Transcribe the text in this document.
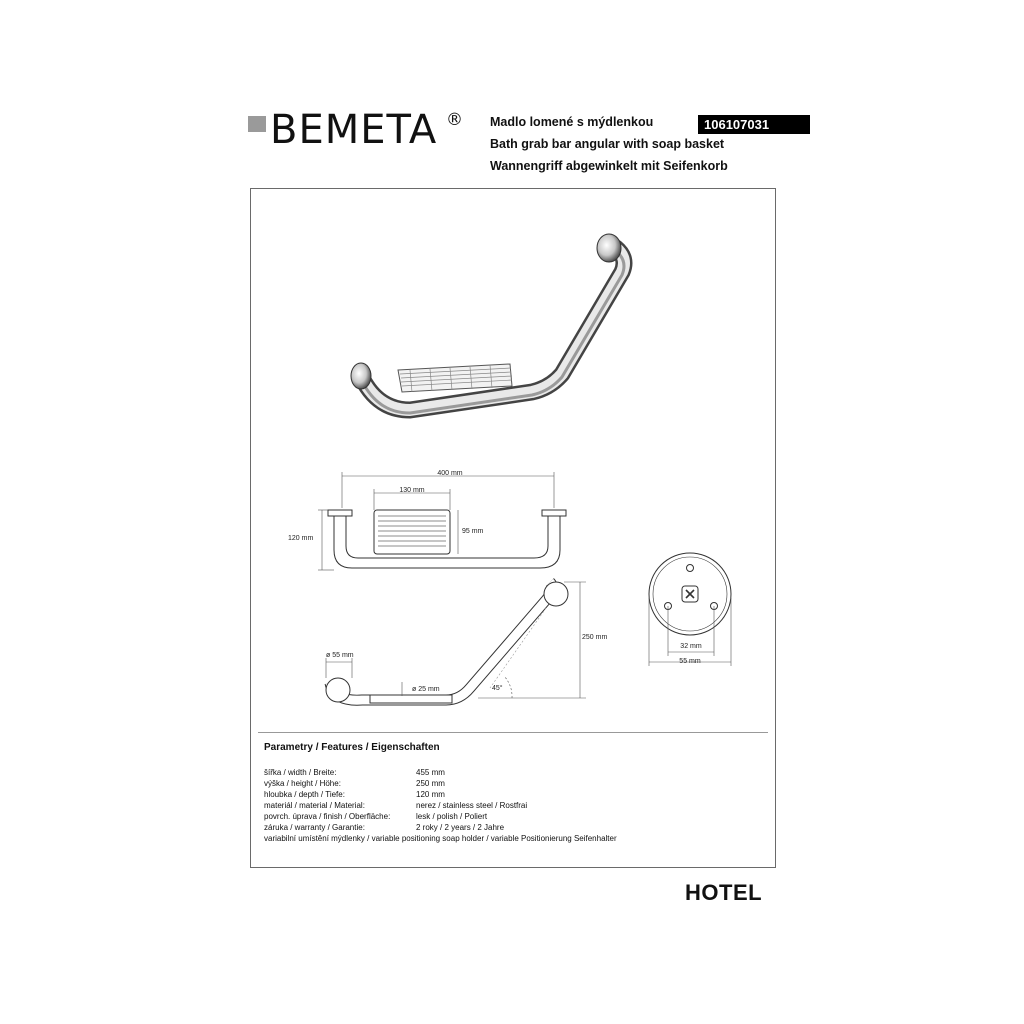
BEMETA ® Madlo lomené s mýdlenkou
Bath grab bar angular with soap basket
Wannengriff abgewinkelt mit Seifenkorb
106107031
400 mm
130 mm
95 mm
120 mm
ø 55 mm
ø 25 mm	45°
250 mm
32 mm
55 mm
Parametry / Features / Eigenschaften
šířka / width / Breite:	455 mm
výška / height / Höhe:	250 mm
hloubka / depth / Tiefe:	120 mm
materiál / material / Material:	nerez / stainless steel / Rostfrai
povrch. úprava / finish / Oberfläche:	lesk / polish / Poliert
záruka / warranty / Garantie:	2 roky / 2 years / 2 Jahre
variabilní umístění mýdlenky / variable positioning soap holder / variable Positionierung Seifenhalter
HOTEL
